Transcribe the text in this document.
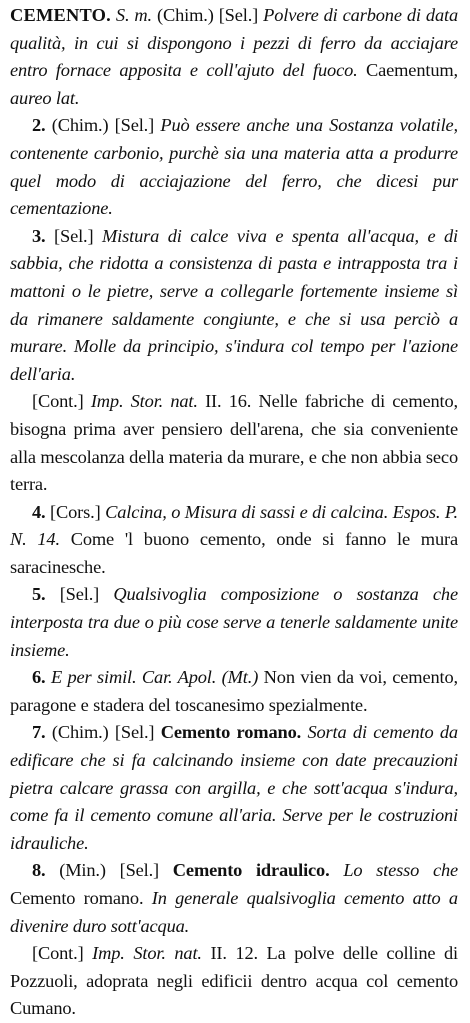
CEMENTO. S. m. (Chim.) [Sel.] Polvere di carbone di data qualità, in cui si dispongono i pezzi di ferro da acciajare entro fornace apposita e coll'ajuto del fuoco. Caementum, aureo lat.

2. (Chim.) [Sel.] Può essere anche una Sostanza volatile, contenente carbonio, purchè sia una materia atta a produrre quel modo di acciajazione del ferro, che dicesi pur cementazione.

3. [Sel.] Mistura di calce viva e spenta all'acqua, e di sabbia, che ridotta a consistenza di pasta e intrapposta tra i mattoni o le pietre, serve a collegarle fortemente insieme sì da rimanere saldamente congiunte, e che si usa perciò a murare. Molle da principio, s'indura col tempo per l'azione dell'aria.

[Cont.] Imp. Stor. nat. II. 16. Nelle fabriche di cemento, bisogna prima aver pensiero dell'arena, che sia conveniente alla mescolanza della materia da murare, e che non abbia seco terra.

4. [Cors.] Calcina, o Misura di sassi e di calcina. Espos. P. N. 14. Come 'l buono cemento, onde si fanno le mura saracinesche.

5. [Sel.] Qualsivoglia composizione o sostanza che interposta tra due o più cose serve a tenerle saldamente unite insieme.

6. E per simil. Car. Apol. (Mt.) Non vien da voi, cemento, paragone e stadera del toscanesimo spezialmente.

7. (Chim.) [Sel.] Cemento romano. Sorta di cemento da edificare che si fa calcinando insieme con date precauzioni pietra calcare grassa con argilla, e che sott'acqua s'indura, come fa il cemento comune all'aria. Serve per le costruzioni idrauliche.

8. (Min.) [Sel.] Cemento idraulico. Lo stesso che Cemento romano. In generale qualsivoglia cemento atto a divenire duro sott'acqua.

[Cont.] Imp. Stor. nat. II. 12. La polve delle colline di Pozzuoli, adoprata negli edificii dentro acqua col cemento Cumano.
